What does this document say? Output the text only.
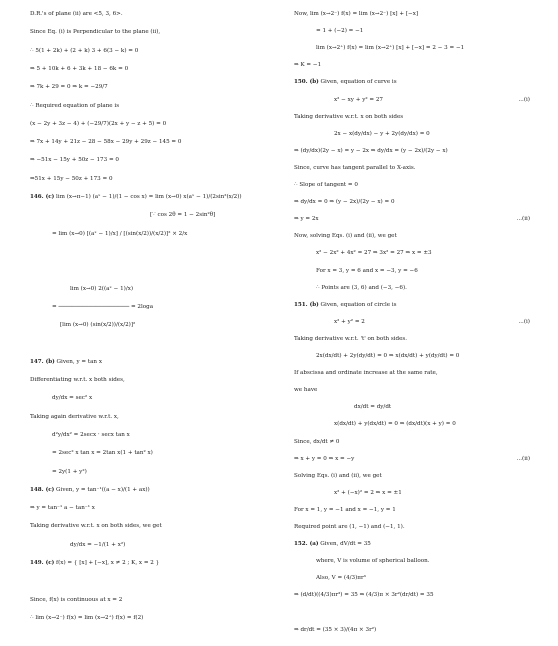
D.R.'s of plane (ii) are <5, 3, 6>.
Since Eq. (i) is Perpendicular to the plane (ii),
∴ 5(1 + 2k) + (2 + k) 3 + 6(3 − k) = 0
⇒ 5 + 10k + 6 + 3k + 18 − 6k = 0
⇒ 7k + 29 = 0 ⇒ k = −29/7
∴ Required equation of plane is
(x − 2y + 3z − 4) + (−29/7)(2x + y − z + 5) = 0
⇒ 7x + 14y + 21z − 28 − 58x − 29y + 29z − 145 = 0
⇒ −51x − 15y + 50z − 173 = 0
⇒51x + 15y − 50z + 173 = 0
146. (c) lim (x→π−1) (aˣ − 1)/(1 − cos x) = lim (x→0) x(aˣ − 1)/(2sin²(x/2))
[∵ cos 2θ = 1 − 2sin²θ]
= lim (x→0) [(aˣ − 1)/x] / [(sin(x/2))/(x/2)]² × 2/x
lim (x→0) 2((aˣ − 1)/x)
= ───────────────────── = 2loga
[lim (x→0) (sin(x/2))/(x/2)]²
147. (b) Given, y = tan x
Differentiating w.r.t. x both sides,
dy/dx = sec² x
Taking again derivative w.r.t. x,
d²y/dx² = 2secx · secx tan x
= 2sec² x tan x = 2tan x(1 + tan² x)
= 2y(1 + y²)
148. (c) Given, y = tan⁻¹((a − x)/(1 + ax))
⇒ y = tan⁻¹ a − tan⁻¹ x
Taking derivative w.r.t. x on both sides, we get
dy/dx = −1/(1 + x²)
149. (c) f(x) = { [x] + [−x], x ≠ 2 ; K, x = 2 }
Since, f(x) is continuous at x = 2
∴ lim (x→2⁻) f(x) = lim (x→2⁺) f(x) = f(2)
Now, lim (x→2⁻) f(x) = lim (x→2⁻) [x] + [−x]
= 1 + (−2) = −1
lim (x→2⁺) f(x) = lim (x→2⁺) [x] + [−x] = 2 − 3 = −1
⇒ K = −1
150. (b) Given, equation of curve is
x² − xy + y² = 27	...(i)
Taking derivative w.r.t. x on both sides
2x − x(dy/dx) − y + 2y(dy/dx) = 0
⇒ (dy/dx)(2y − x) = y − 2x ⇒ dy/dx = (y − 2x)/(2y − x)
Since, curve has tangent parallel to X-axis.
∴ Slope of tangent = 0
⇒ dy/dx = 0 ⇒ (y − 2x)/(2y − x) = 0
⇒ y = 2x	...(ii)
Now, solving Eqs. (i) and (ii), we get
x² − 2x² + 4x² = 27 ⇒ 3x² = 27 ⇒ x = ±3
For x = 3, y = 6 and x = −3, y = −6
∴ Points are (3, 6) and (−3, −6).
151. (b) Given, equation of circle is
x² + y² = 2	...(i)
Taking derivative w.r.t. 't' on both sides.
2x(dx/dt) + 2y(dy/dt) = 0 ⇒ x(dx/dt) + y(dy/dt) = 0
If abscissa and ordinate increase at the same rate,
we have
dx/dt = dy/dt
x(dx/dt) + y(dx/dt) = 0 ⇒ (dx/dt)(x + y) = 0
Since, dx/dt ≠ 0
⇒ x + y = 0 ⇒ x = −y	...(ii)
Solving Eqs. (i) and (ii), we get
x² + (−x)² = 2 ⇒ x = ±1
For x = 1, y = −1 and x = −1, y = 1
Required point are (1, −1) and (−1, 1).
152. (a) Given, dV/dt = 35
where, V is volume of spherical balloon.
Also, V = (4/3)πr³
⇒ (d/dt)((4/3)πr³) = 35 ⇒ (4/3)π × 3r²(dr/dt) = 35
⇒ dr/dt = (35 × 3)/(4π × 3r²)
